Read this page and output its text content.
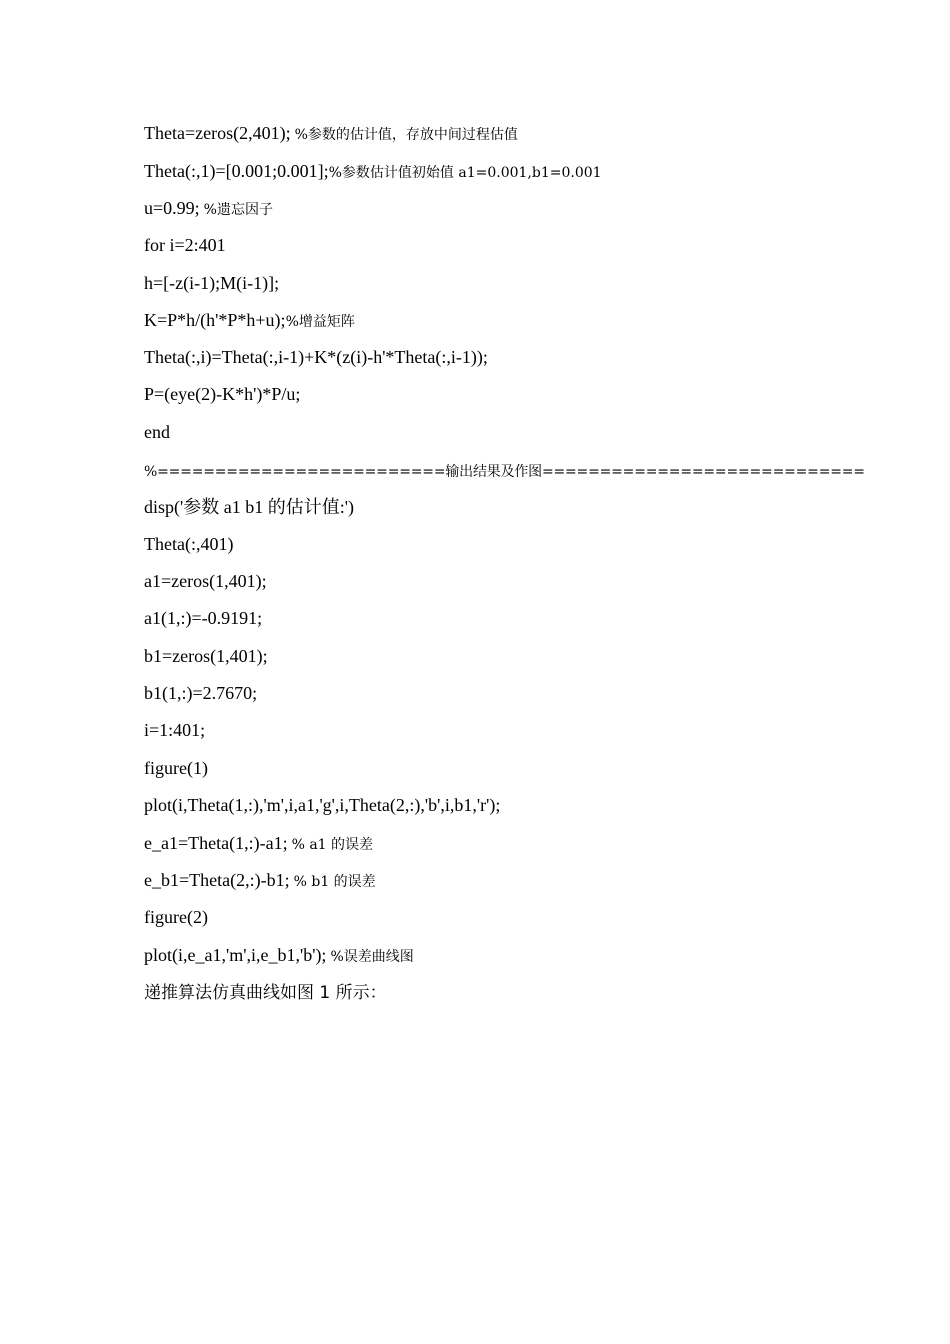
Theta=zeros(2,401); %参数的估计值，存放中间过程估值
Theta(:,1)=[0.001;0.001];%参数估计值初始值 a1=0.001,b1=0.001
u=0.99; %遗忘因子
for i=2:401
h=[-z(i-1);M(i-1)];
K=P*h/(h'*P*h+u);%增益矩阵
Theta(:,i)=Theta(:,i-1)+K*(z(i)-h'*Theta(:,i-1));
P=(eye(2)-K*h')*P/u;
end
%=========================输出结果及作图============================
disp('参数 a1 b1 的估计值:')
Theta(:,401)
a1=zeros(1,401);
a1(1,:)=-0.9191;
b1=zeros(1,401);
b1(1,:)=2.7670;
i=1:401;
figure(1)
plot(i,Theta(1,:),'m',i,a1,'g',i,Theta(2,:),'b',i,b1,'r');
e_a1=Theta(1,:)-a1; % a1 的误差
e_b1=Theta(2,:)-b1; % b1 的误差
figure(2)
plot(i,e_a1,'m',i,e_b1,'b'); %误差曲线图
递推算法仿真曲线如图 1 所示：
